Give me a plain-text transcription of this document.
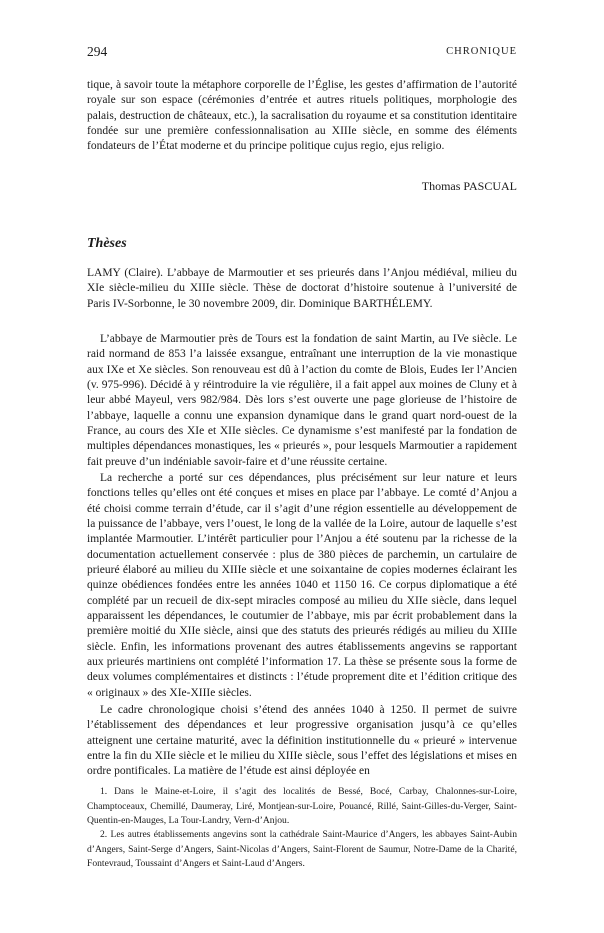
294	CHRONIQUE

tique, à savoir toute la métaphore corporelle de l’Église, les gestes d’affirmation de l’autorité royale sur son espace (cérémonies d’entrée et autres rituels politiques, morphologie des palais, destruction de châteaux, etc.), la sacralisation du royaume et sa constitution identitaire fondée sur une première confessionnalisation au XIIIe siècle, en somme des éléments fondateurs de l’État moderne et du principe politique cujus regio, ejus religio.

Thomas PASCUAL
Thèses

LAMY (Claire). L’abbaye de Marmoutier et ses prieurés dans l’Anjou médiéval, milieu du XIe siècle-milieu du XIIIe siècle. Thèse de doctorat d’histoire soutenue à l’université de Paris IV-Sorbonne, le 30 novembre 2009, dir. Dominique BARTHÉLEMY.

L’abbaye de Marmoutier près de Tours est la fondation de saint Martin, au IVe siècle. Le raid normand de 853 l’a laissée exsangue, entraînant une interruption de la vie monastique aux IXe et Xe siècles. Son renouveau est dû à l’action du comte de Blois, Eudes Ier l’Ancien (v. 975-996). Décidé à y réintroduire la vie régulière, il a fait appel aux moines de Cluny et à leur abbé Mayeul, vers 982/984. Dès lors s’est ouverte une page glorieuse de l’histoire de l’abbaye, laquelle a connu une expansion dynamique dans le grand quart nord-ouest de la France, au cours des XIe et XIIe siècles. Ce dynamisme s’est manifesté par la fondation de multiples dépendances monastiques, les « prieurés », pour lesquels Marmoutier a rapidement fait preuve d’un indéniable savoir-faire et d’une réussite certaine.

La recherche a porté sur ces dépendances, plus précisément sur leur nature et leurs fonctions telles qu’elles ont été conçues et mises en place par l’abbaye. Le comté d’Anjou a été choisi comme terrain d’étude, car il s’agit d’une région essentielle au développement de la puissance de l’abbaye, vers l’ouest, le long de la vallée de la Loire, autour de laquelle s’est implantée Marmoutier. L’intérêt particulier pour l’Anjou a été soutenu par la richesse de la documentation actuellement conservée : plus de 380 pièces de parchemin, un cartulaire de prieuré élaboré au milieu du XIIIe siècle et une soixantaine de copies modernes éclairant les quinze obédiences fondées entre les années 1040 et 1150 16. Ce corpus diplomatique a été complété par un recueil de dix-sept miracles composé au milieu du XIIe siècle, dans lequel apparaissent les dépendances, le coutumier de l’abbaye, mis par écrit probablement dans la première moitié du XIIe siècle, ainsi que des statuts des prieurés rédigés au milieu du XIIIe siècle. Enfin, les informations provenant des autres établissements angevins se rapportant aux prieurés martiniens ont complété l’information 17. La thèse se présente sous la forme de deux volumes complémentaires et distincts : l’étude proprement dite et l’édition critique des « originaux » des XIe-XIIIe siècles.

Le cadre chronologique choisi s’étend des années 1040 à 1250. Il permet de suivre l’établissement des dépendances et leur progressive organisation jusqu’à ce qu’elles atteignent une certaine maturité, avec la définition institutionnelle du « prieuré » intervenue entre la fin du XIIe siècle et le milieu du XIIIe siècle, sous l’effet des législations et mises en ordre pontificales. La matière de l’étude est ainsi déployée en

1. Dans le Maine-et-Loire, il s’agit des localités de Bessé, Bocé, Carbay, Chalonnes-sur-Loire, Champtoceaux, Chemillé, Daumeray, Liré, Montjean-sur-Loire, Pouancé, Rillé, Saint-Gilles-du-Verger, Saint-Quentin-en-Mauges, La Tour-Landry, Vern-d’Anjou.

2. Les autres établissements angevins sont la cathédrale Saint-Maurice d’Angers, les abbayes Saint-Aubin d’Angers, Saint-Serge d’Angers, Saint-Nicolas d’Angers, Saint-Florent de Saumur, Notre-Dame de la Charité, Fontevraud, Toussaint d’Angers et Saint-Laud d’Angers.
